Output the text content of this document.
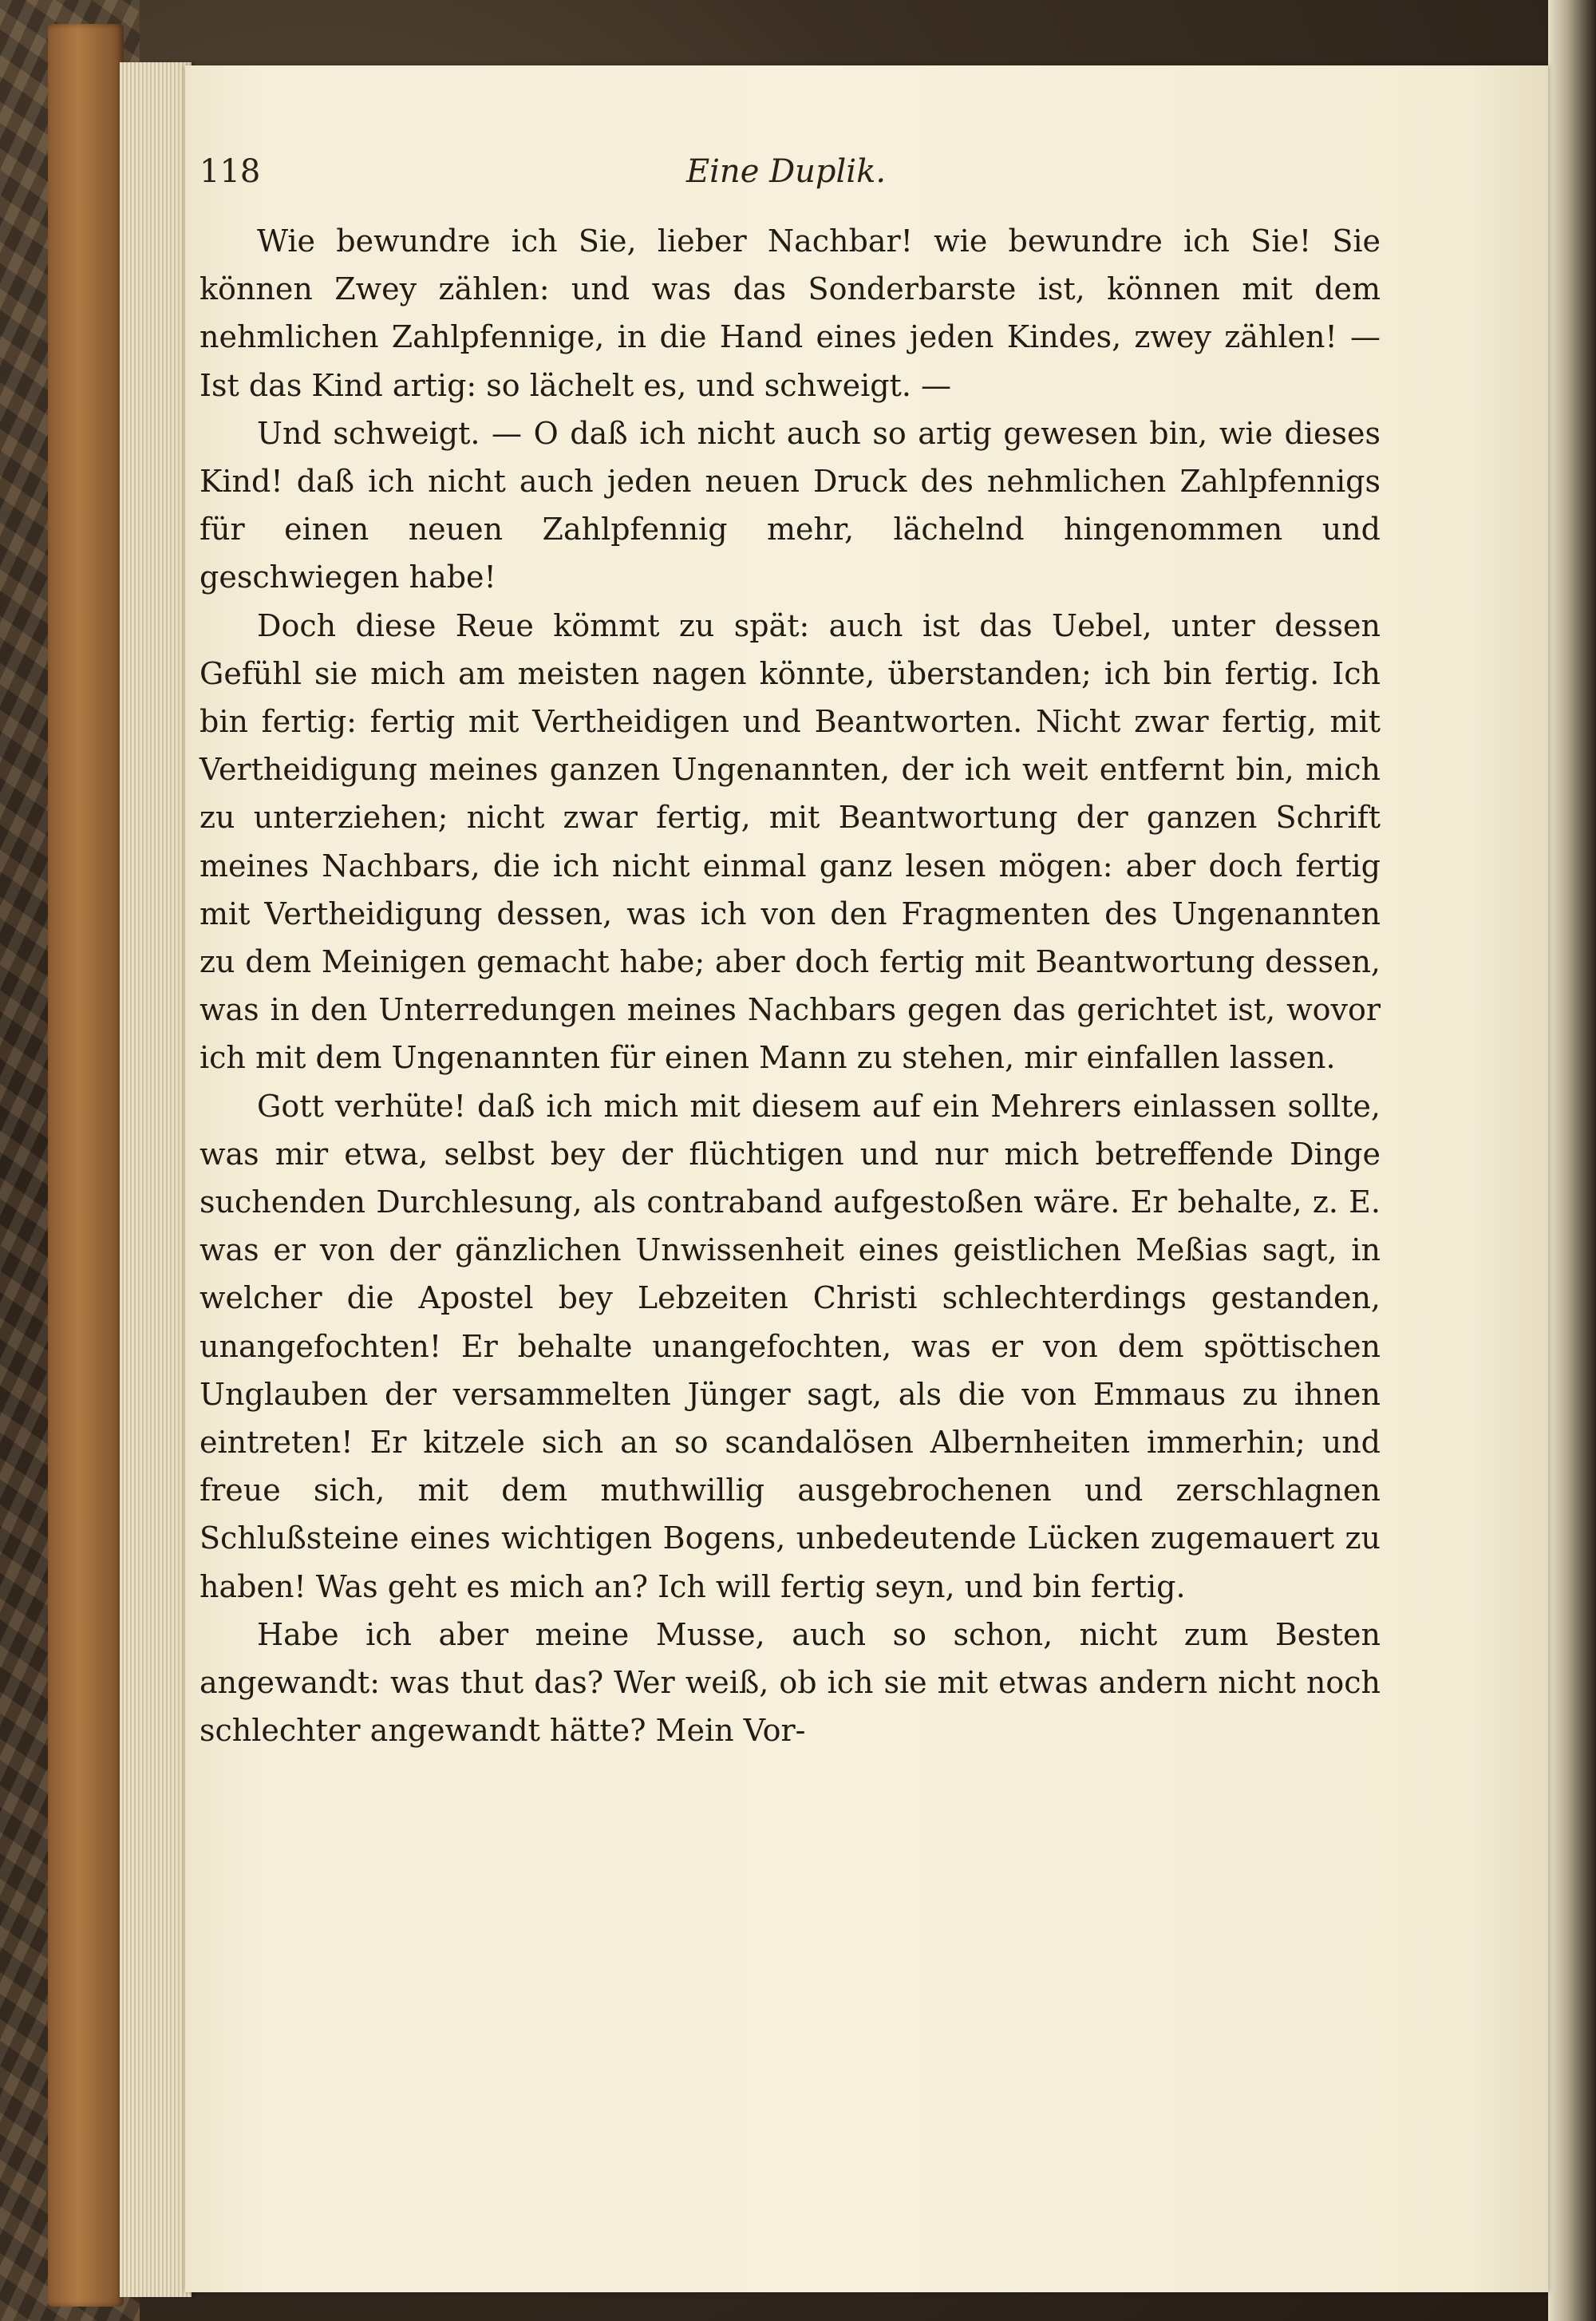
118	Eine Duplik.

Wie bewundre ich Sie, lieber Nachbar! wie bewundre ich Sie! Sie können Zwey zählen: und was das Sonderbarste ist, können mit dem nehmlichen Zahlpfennige, in die Hand eines jeden Kindes, zwey zählen! — Ist das Kind artig: so lächelt es, und schweigt. —

Und schweigt. — O daß ich nicht auch so artig gewesen bin, wie dieses Kind! daß ich nicht auch jeden neuen Druck des nehmlichen Zahlpfennigs für einen neuen Zahlpfennig mehr, lächelnd hingenommen und geschwiegen habe!

Doch diese Reue kömmt zu spät: auch ist das Uebel, unter dessen Gefühl sie mich am meisten nagen könnte, überstanden; ich bin fertig. Ich bin fertig: fertig mit Vertheidigen und Beantworten. Nicht zwar fertig, mit Vertheidigung meines ganzen Ungenannten, der ich weit entfernt bin, mich zu unterziehen; nicht zwar fertig, mit Beantwortung der ganzen Schrift meines Nachbars, die ich nicht einmal ganz lesen mögen: aber doch fertig mit Vertheidigung dessen, was ich von den Fragmenten des Ungenannten zu dem Meinigen gemacht habe; aber doch fertig mit Beantwortung dessen, was in den Unterredungen meines Nachbars gegen das gerichtet ist, wovor ich mit dem Ungenannten für einen Mann zu stehen, mir einfallen lassen.

Gott verhüte! daß ich mich mit diesem auf ein Mehrers einlassen sollte, was mir etwa, selbst bey der flüchtigen und nur mich betreffende Dinge suchenden Durchlesung, als contraband aufgestoßen wäre. Er behalte, z. E. was er von der gänzlichen Unwissenheit eines geistlichen Meßias sagt, in welcher die Apostel bey Lebzeiten Christi schlechterdings gestanden, unangefochten! Er behalte unangefochten, was er von dem spöttischen Unglauben der versammelten Jünger sagt, als die von Emmaus zu ihnen eintreten! Er kitzele sich an so scandalösen Albernheiten immerhin; und freue sich, mit dem muthwillig ausgebrochenen und zerschlagnen Schlußsteine eines wichtigen Bogens, unbedeutende Lücken zugemauert zu haben! Was geht es mich an? Ich will fertig seyn, und bin fertig.

Habe ich aber meine Musse, auch so schon, nicht zum Besten angewandt: was thut das? Wer weiß, ob ich sie mit etwas andern nicht noch schlechter angewandt hätte? Mein Vor-
